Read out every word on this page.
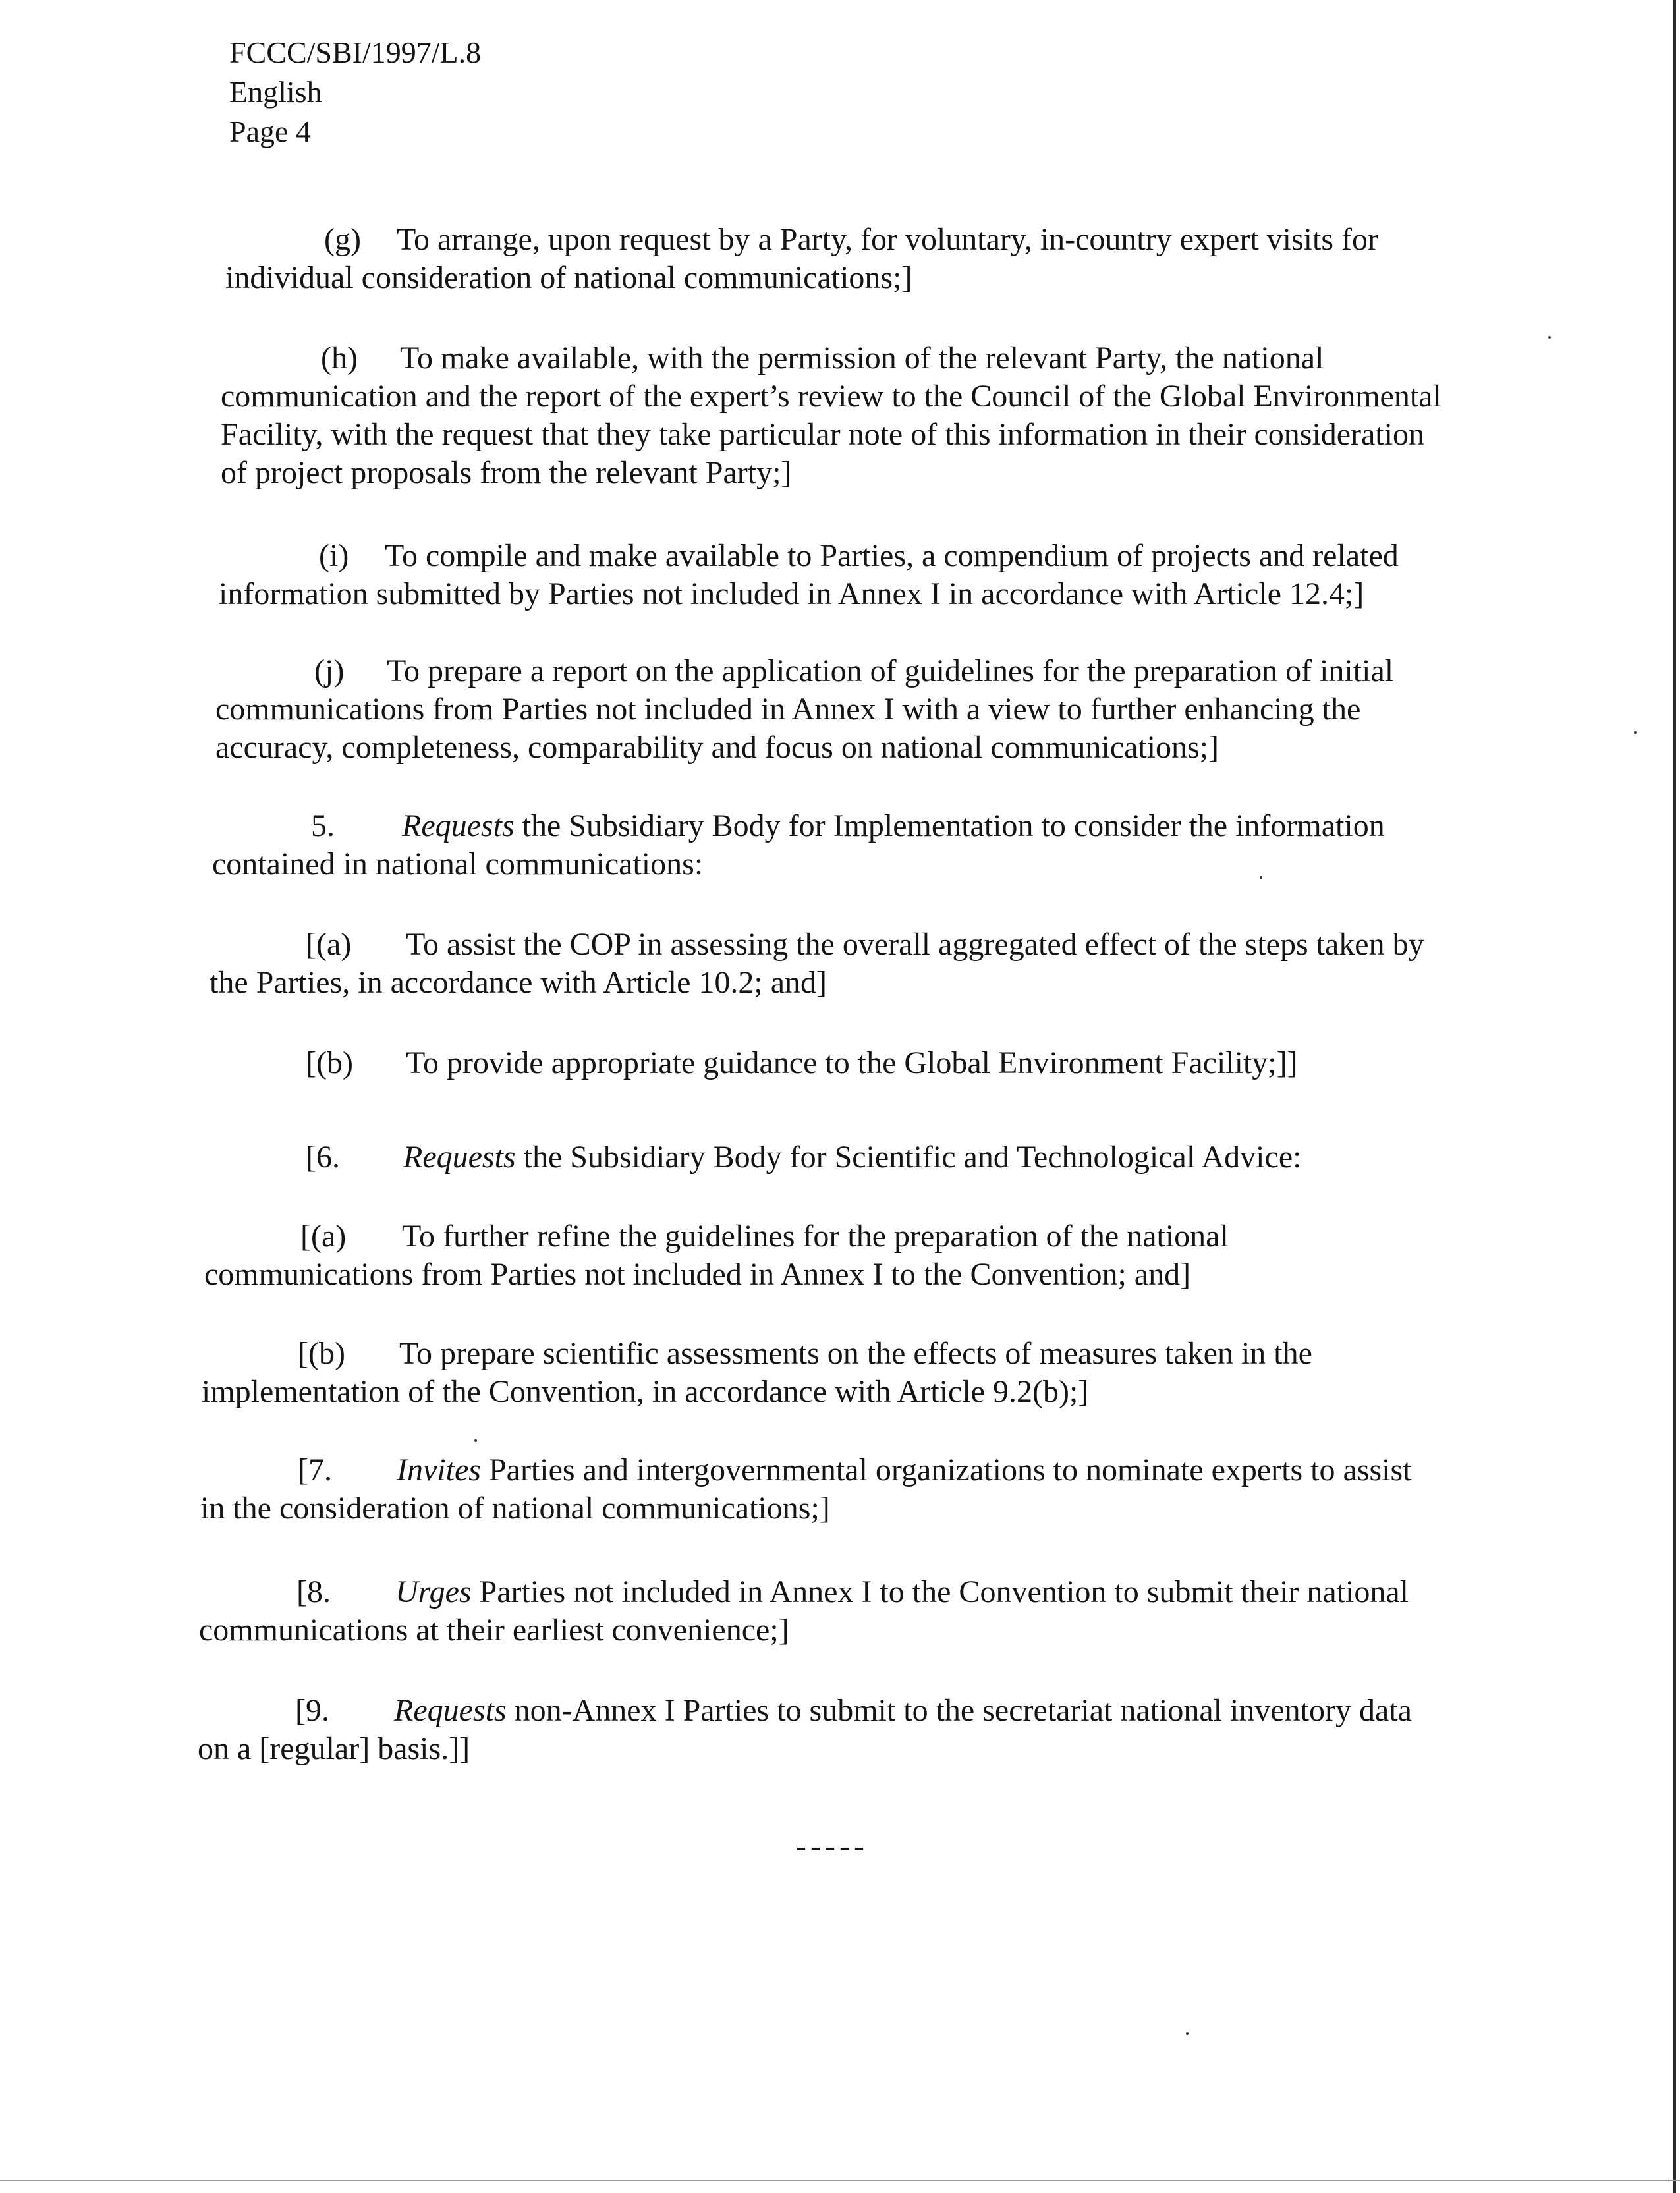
FCCC/SBI/1997/L.8
English
Page 4
(g) To arrange, upon request by a Party, for voluntary, in-country expert visits for
individual consideration of national communications;]
(h) To make available, with the permission of the relevant Party, the national
communication and the report of the expert’s review to the Council of the Global Environmental
Facility, with the request that they take particular note of this information in their consideration
of project proposals from the relevant Party;]
(i) To compile and make available to Parties, a compendium of projects and related
information submitted by Parties not included in Annex I in accordance with Article 12.4;]
(j) To prepare a report on the application of guidelines for the preparation of initial
communications from Parties not included in Annex I with a view to further enhancing the
accuracy, completeness, comparability and focus on national communications;]
5. Requests the Subsidiary Body for Implementation to consider the information
contained in national communications:
[(a) To assist the COP in assessing the overall aggregated effect of the steps taken by
the Parties, in accordance with Article 10.2; and]
[(b) To provide appropriate guidance to the Global Environment Facility;]]
[6. Requests the Subsidiary Body for Scientific and Technological Advice:
[(a) To further refine the guidelines for the preparation of the national
communications from Parties not included in Annex I to the Convention; and]
[(b) To prepare scientific assessments on the effects of measures taken in the
implementation of the Convention, in accordance with Article 9.2(b);]
[7. Invites Parties and intergovernmental organizations to nominate experts to assist
in the consideration of national communications;]
[8. Urges Parties not included in Annex I to the Convention to submit their national
communications at their earliest convenience;]
[9. Requests non-Annex I Parties to submit to the secretariat national inventory data
on a [regular] basis.]]
-----
